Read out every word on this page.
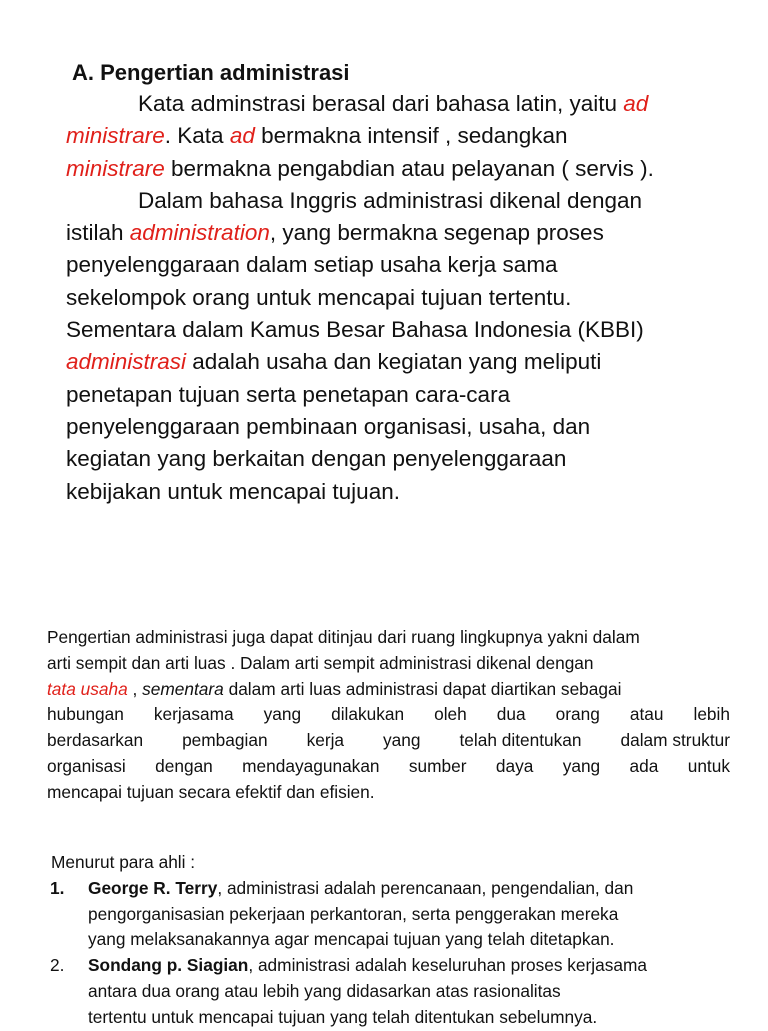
A. Pengertian administrasi
Kata adminstrasi berasal dari bahasa latin, yaitu ad
ministrare. Kata ad bermakna intensif , sedangkan
ministrare bermakna pengabdian atau pelayanan ( servis ).
Dalam bahasa Inggris administrasi dikenal dengan
istilah administration, yang bermakna segenap proses
penyelenggaraan dalam setiap usaha kerja sama
sekelompok orang untuk mencapai tujuan tertentu.
Sementara dalam Kamus Besar Bahasa Indonesia (KBBI)
administrasi adalah usaha dan kegiatan yang meliputi
penetapan tujuan serta penetapan cara-cara
penyelenggaraan pembinaan organisasi, usaha, dan
kegiatan yang berkaitan dengan penyelenggaraan
kebijakan untuk mencapai tujuan.
Pengertian administrasi juga dapat ditinjau dari ruang lingkupnya yakni dalam
arti sempit dan arti luas . Dalam arti sempit administrasi dikenal dengan
tata usaha , sementara dalam arti luas administrasi dapat diartikan sebagai
hubungan kerjasama yang dilakukan oleh dua orang atau lebih
berdasarkan pembagian kerja yang telah ditentukan dalam struktur
organisasi dengan mendayagunakan sumber daya yang ada untuk
mencapai tujuan secara efektif dan efisien.
Menurut para ahli :
1. George R. Terry, administrasi adalah perencanaan, pengendalian, dan
pengorganisasian pekerjaan perkantoran, serta penggerakan mereka
yang melaksanakannya agar mencapai tujuan yang telah ditetapkan.
2. Sondang p. Siagian, administrasi adalah keseluruhan proses kerjasama
antara dua orang atau lebih yang didasarkan atas rasionalitas
tertentu untuk mencapai tujuan yang telah ditentukan sebelumnya.
